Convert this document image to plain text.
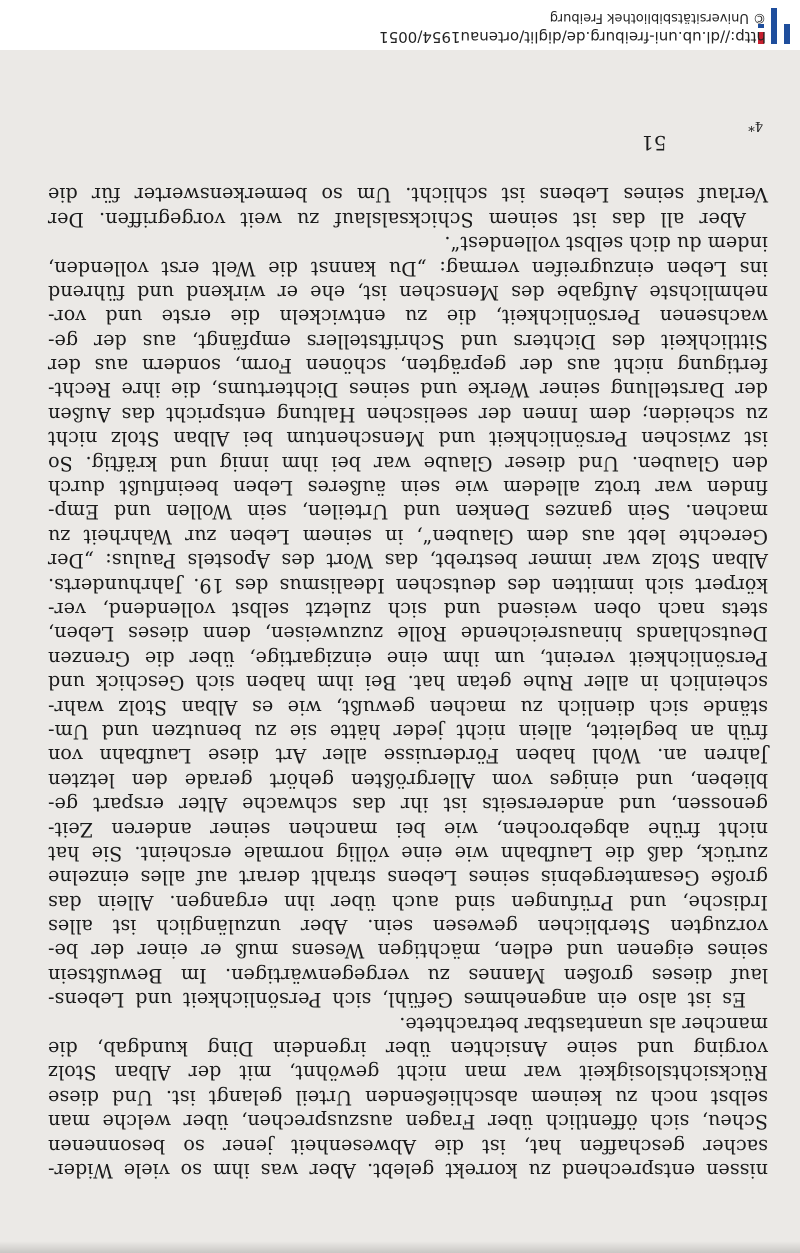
nissen entsprechend zu korrekt gelebt. Aber was ihm so viele Wider-
sacher geschaffen hat, ist die Abwesenheit jener so besonnenen
Scheu, sich öffentlich über Fragen auszusprechen, über welche man
selbst noch zu keinem abschließenden Urteil gelangt ist. Und diese
Rücksichtslosigkeit war man nicht gewöhnt, mit der Alban Stolz
vorging und seine Ansichten über irgendein Ding kundgab, die
mancher als unantastbar betrachtete.
Es ist also ein angenehmes Gefühl, sich Persönlichkeit und Lebens-
lauf dieses großen Mannes zu vergegenwärtigen. Im Bewußtsein
seines eigenen und edlen, mächtigen Wesens muß er einer der be-
vorzugten Sterblichen gewesen sein. Aber unzulänglich ist alles
Irdische, und Prüfungen sind auch über ihn ergangen. Allein das
große Gesamtergebnis seines Lebens strahlt derart auf alles einzelne
zurück, daß die Laufbahn wie eine völlig normale erscheint. Sie hat
nicht frühe abgebrochen, wie bei manchen seiner anderen Zeit-
genossen, und andererseits ist ihr das schwache Alter erspart ge-
blieben, und einiges vom Allergrößten gehört gerade den letzten
Jahren an. Wohl haben Förderuisse aller Art diese Laufbahn von
früh an begleitet, allein nicht jeder hätte sie zu benutzen und Um-
stände sich dienlich zu machen gewußt, wie es Alban Stolz wahr-
scheinlich in aller Ruhe getan hat. Bei ihm haben sich Geschick und
Persönlichkeit vereint, um ihm eine einzigartige, über die Grenzen
Deutschlands hinausreichende Rolle zuzuweisen, denn dieses Leben,
stets nach oben weisend und sich zuletzt selbst vollendend, ver-
körpert sich inmitten des deutschen Idealismus des 19. Jahrhunderts.
Alban Stolz war immer bestrebt, das Wort des Apostels Paulus: „Der
Gerechte lebt aus dem Glauben“, in seinem Leben zur Wahrheit zu
machen. Sein ganzes Denken und Urteilen, sein Wollen und Emp-
finden war trotz alledem wie sein äußeres Leben beeinflußt durch
den Glauben. Und dieser Glaube war bei ihm innig und kräftig. So
ist zwischen Persönlichkeit und Menschentum bei Alban Stolz nicht
zu scheiden; dem Innen der seelischen Haltung entspricht das Außen
der Darstellung seiner Werke und seines Dichtertums, die ihre Recht-
fertigung nicht aus der geprägten, schönen Form, sondern aus der
Sittlichkeit des Dichters und Schriftstellers empfängt, aus der ge-
wachsenen Persönlichkeit, die zu entwickeln die erste und vor-
nehmlichste Aufgabe des Menschen ist, ehe er wirkend und führend
ins Leben einzugreifen vermag: „Du kannst die Welt erst vollenden,
indem du dich selbst vollendest“.
Aber all das ist seinem Schicksalslauf zu weit vorgegriffen. Der
Verlauf seines Lebens ist schlicht. Um so bemerkenswerter für die
51
4*
http://dl.ub.uni-freiburg.de/diglit/ortenau1954/0051
© Universitätsbibliothek Freiburg
